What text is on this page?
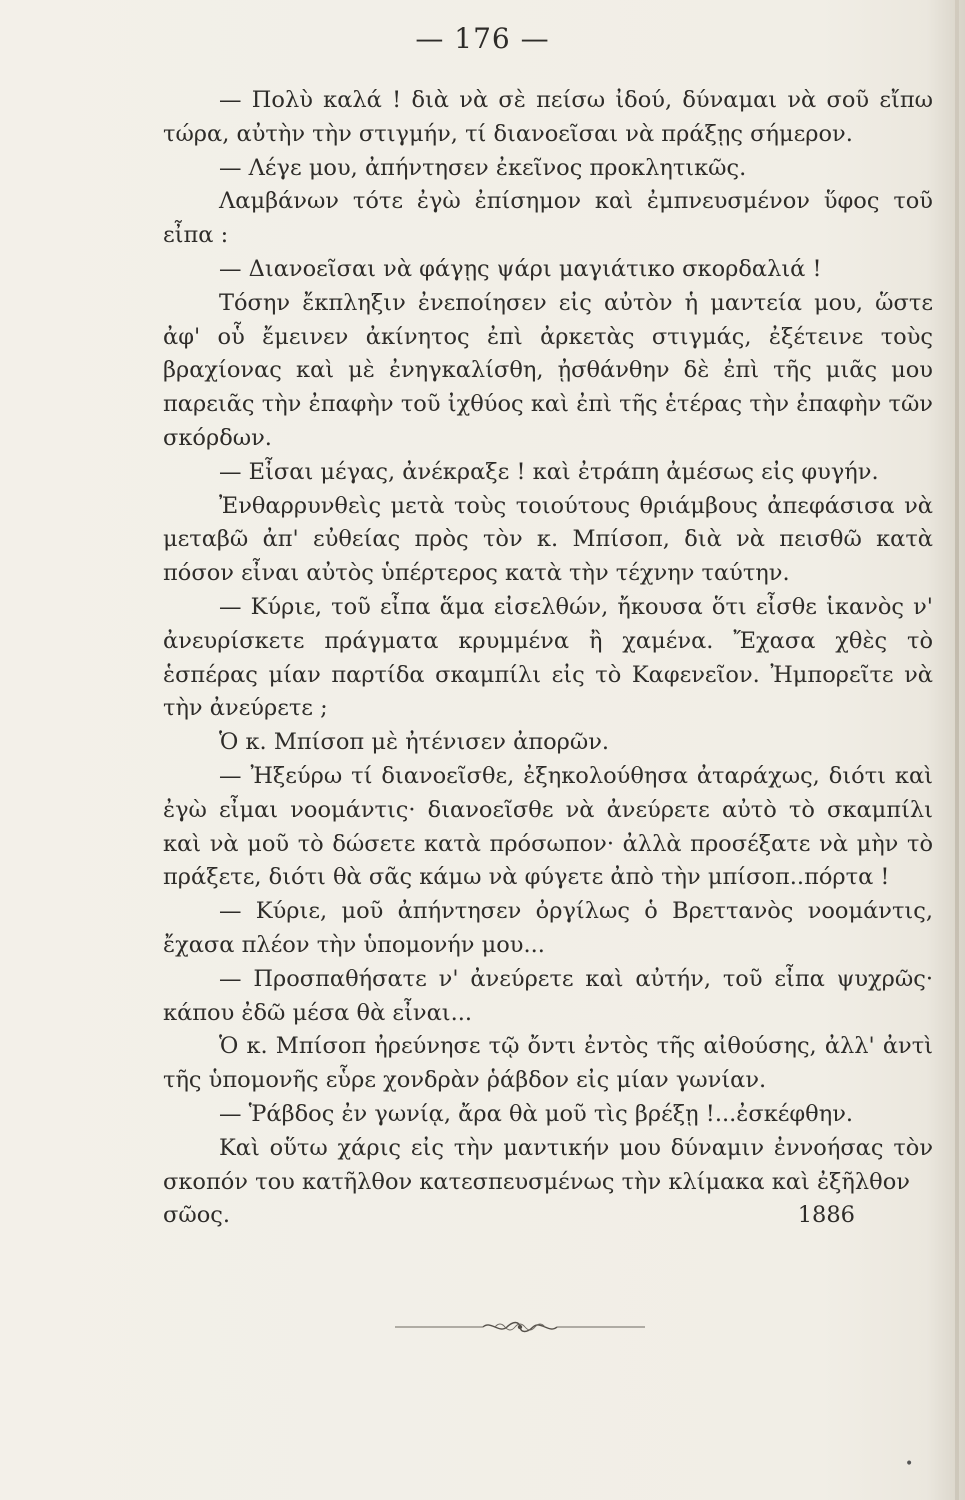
— 176 —

— Πολὺ καλά ! διὰ νὰ σὲ πείσω ἰδού, δύναμαι νὰ σοῦ εἴπω τώρα, αὐτὴν τὴν στιγμήν, τί διανοεῖσαι νὰ πράξῃς σήμερον.

— Λέγε μου, ἀπήντησεν ἐκεῖνος προκλητικῶς.

Λαμβάνων τότε ἐγὼ ἐπίσημον καὶ ἐμπνευσμένον ὕφος τοῦ εἶπα :

— Διανοεῖσαι νὰ φάγῃς ψάρι μαγιάτικο σκορδαλιά !

Τόσην ἔκπληξιν ἐνεποίησεν εἰς αὐτὸν ἡ μαντεία μου, ὥστε ἀφ' οὗ ἔμεινεν ἀκίνητος ἐπὶ ἀρκετὰς στιγμάς, ἐξέτεινε τοὺς βραχίονας καὶ μὲ ἐνηγκαλίσθη, ᾐσθάνθην δὲ ἐπὶ τῆς μιᾶς μου παρειᾶς τὴν ἐπαφὴν τοῦ ἰχθύος καὶ ἐπὶ τῆς ἑτέρας τὴν ἐπαφὴν τῶν σκόρδων.

— Εἶσαι μέγας, ἀνέκραξε ! καὶ ἐτράπη ἀμέσως εἰς φυγήν.

Ἐνθαρρυνθεὶς μετὰ τοὺς τοιούτους θριάμβους ἀπεφάσισα νὰ μεταβῶ ἀπ' εὐθείας πρὸς τὸν κ. Μπίσοπ, διὰ νὰ πεισθῶ κατὰ πόσον εἶναι αὐτὸς ὑπέρτερος κατὰ τὴν τέχνην ταύτην.

— Κύριε, τοῦ εἶπα ἅμα εἰσελθών, ἤκουσα ὅτι εἶσθε ἱκανὸς ν' ἀνευρίσκετε πράγματα κρυμμένα ἢ χαμένα. Ἔχασα χθὲς τὸ ἑσπέρας μίαν παρτίδα σκαμπίλι εἰς τὸ Καφενεῖον. Ἠμπορεῖτε νὰ τὴν ἀνεύρετε ;

Ὁ κ. Μπίσοπ μὲ ἠτένισεν ἀπορῶν.

— Ἠξεύρω τί διανοεῖσθε, ἐξηκολούθησα ἀταράχως, διότι καὶ ἐγὼ εἶμαι νοομάντις· διανοεῖσθε νὰ ἀνεύρετε αὐτὸ τὸ σκαμπίλι καὶ νὰ μοῦ τὸ δώσετε κατὰ πρόσωπον· ἀλλὰ προσέξατε νὰ μὴν τὸ πράξετε, διότι θὰ σᾶς κάμω νὰ φύγετε ἀπὸ τὴν μπίσοπ..πόρτα !

— Κύριε, μοῦ ἀπήντησεν ὀργίλως ὁ Βρεττανὸς νοομάντις, ἔχασα πλέον τὴν ὑπομονήν μου...

— Προσπαθήσατε ν' ἀνεύρετε καὶ αὐτήν, τοῦ εἶπα ψυχρῶς· κάπου ἐδῶ μέσα θὰ εἶναι...

Ὁ κ. Μπίσοπ ἠρεύνησε τῷ ὄντι ἐντὸς τῆς αἰθούσης, ἀλλ' ἀντὶ τῆς ὑπομονῆς εὗρε χονδρὰν ῥάβδον εἰς μίαν γωνίαν.

— Ῥάβδος ἐν γωνίᾳ, ἄρα θὰ μοῦ τὶς βρέξῃ !...ἐσκέφθην.

Καὶ οὕτω χάρις εἰς τὴν μαντικήν μου δύναμιν ἐννοήσας τὸν σκοπόν του κατῆλθον κατεσπευσμένως τὴν κλίμακα καὶ ἐξῆλθον

σῶος.	1886
•
